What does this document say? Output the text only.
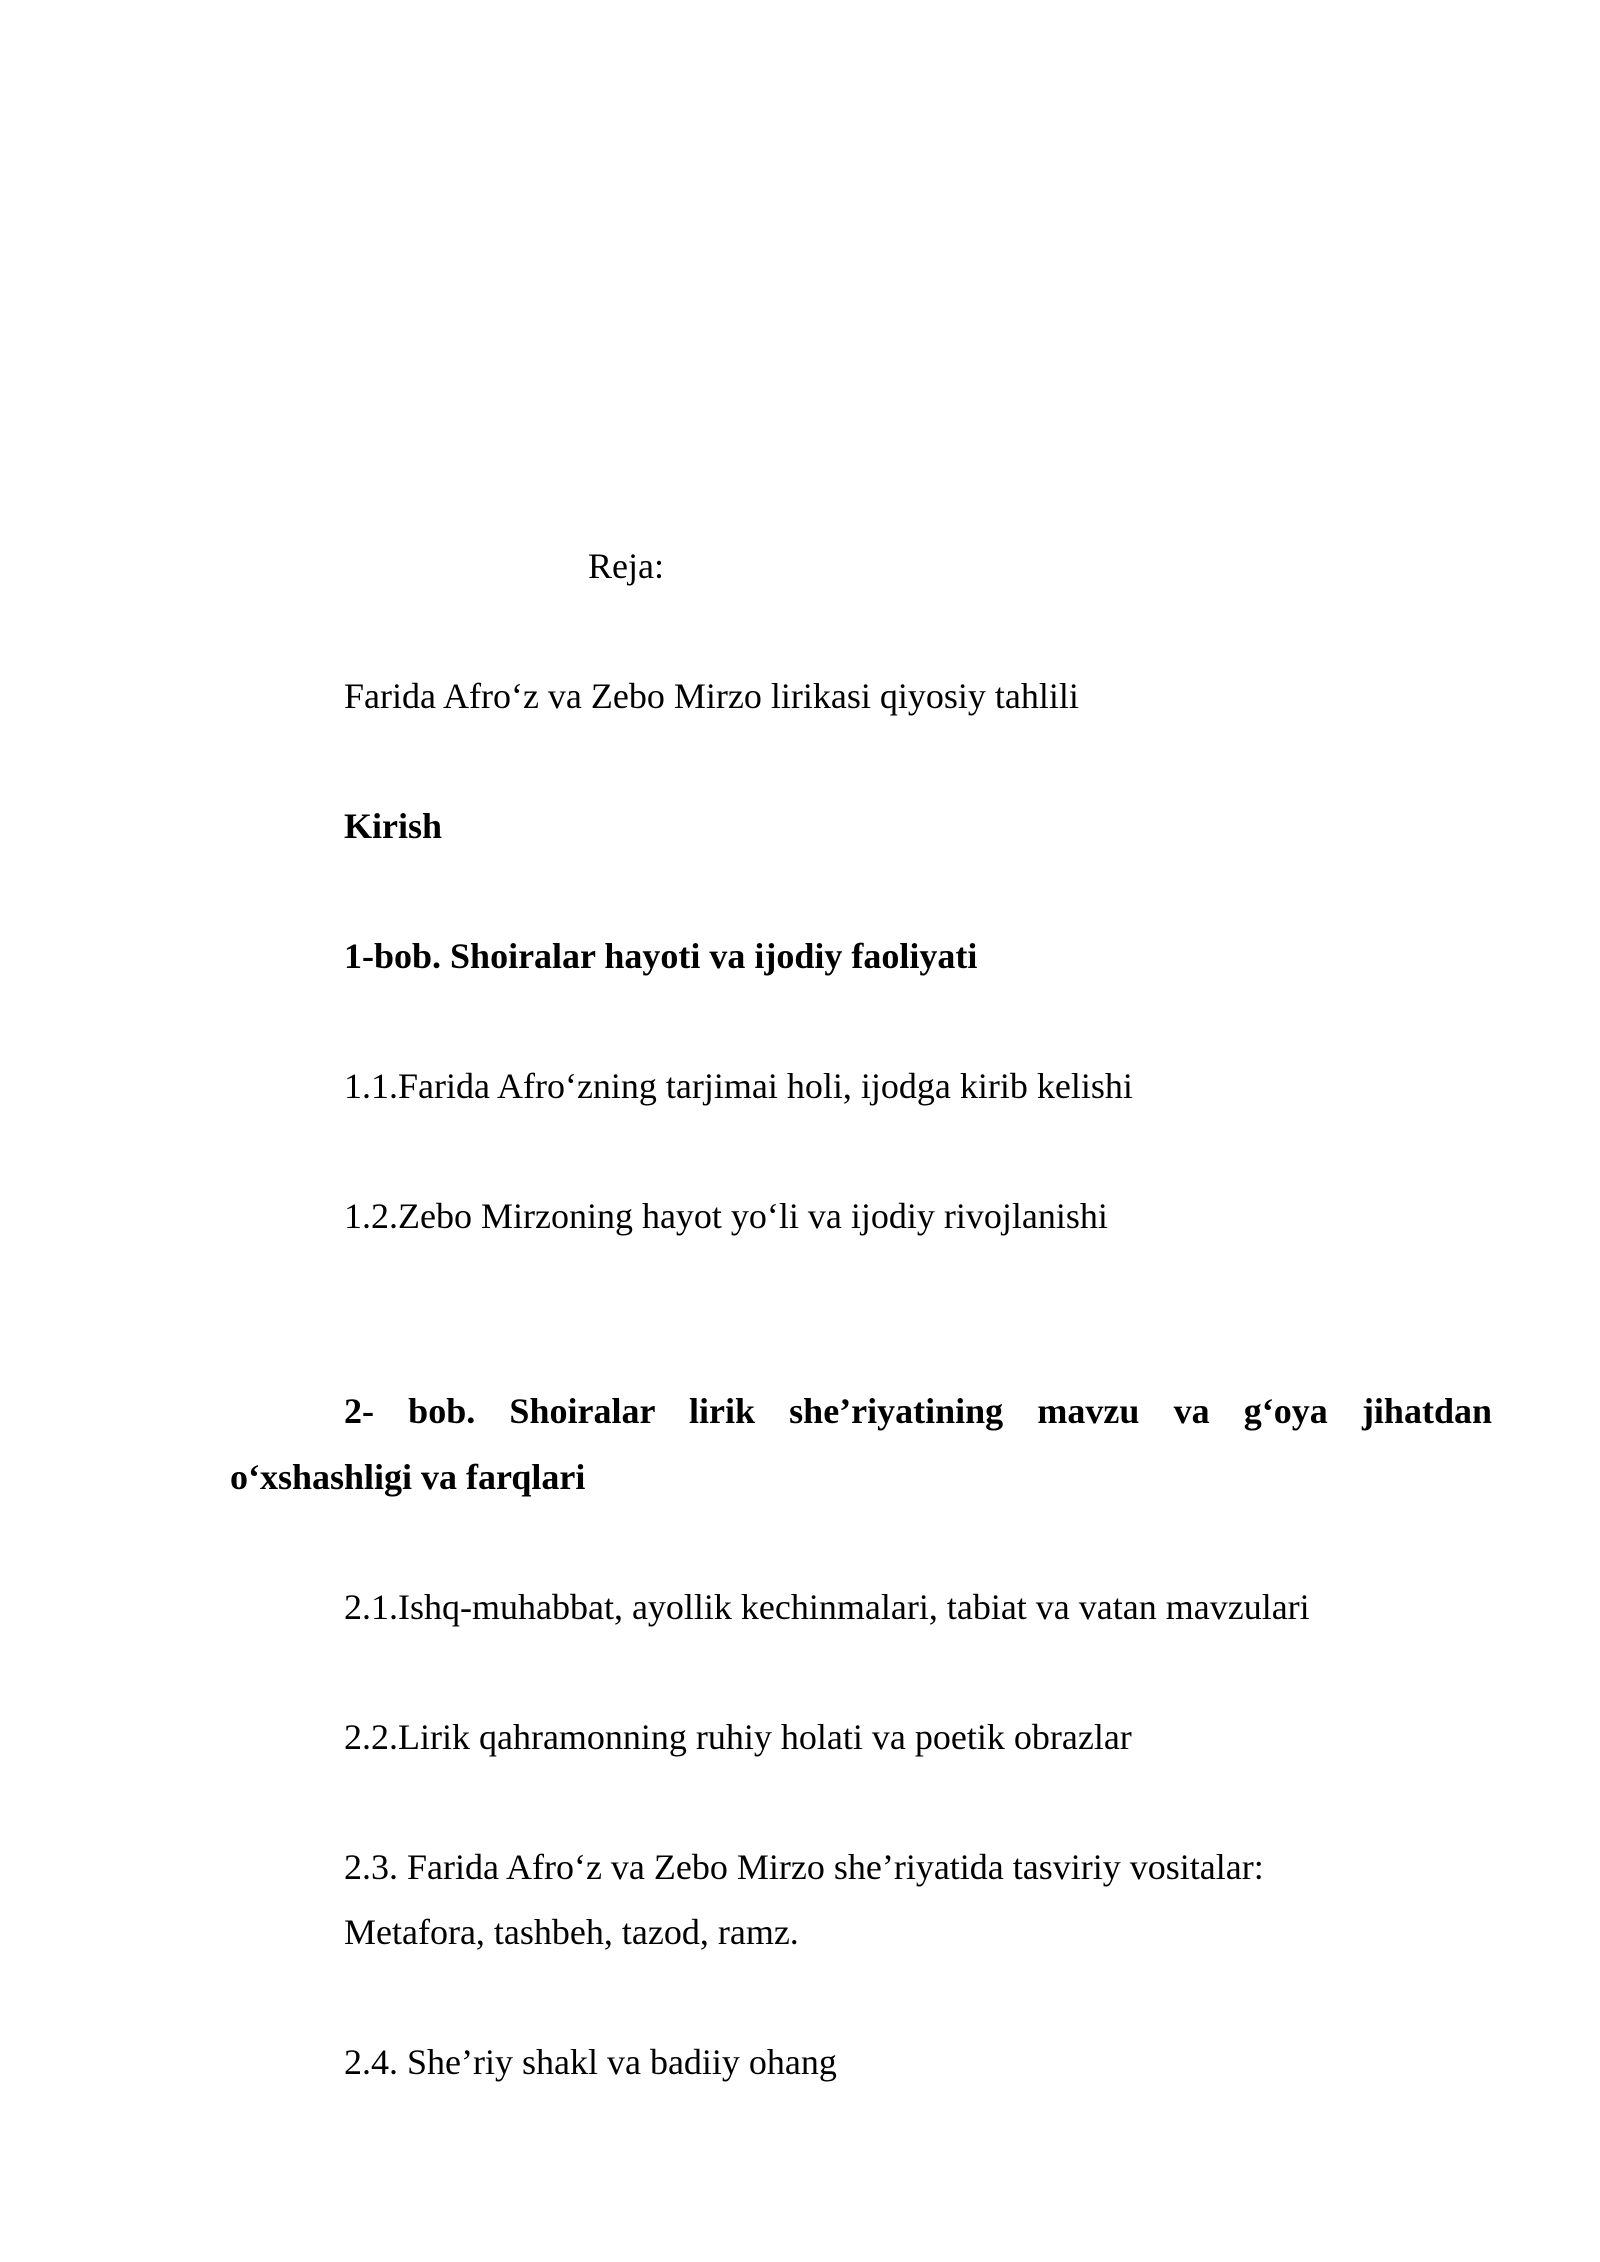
Reja:

Farida Afro‘z va Zebo Mirzo lirikasi qiyosiy tahlili

Kirish

1-bob. Shoiralar hayoti va ijodiy faoliyati

1.1.Farida Afro‘zning tarjimai holi, ijodga kirib kelishi

1.2.Zebo Mirzoning hayot yo‘li va ijodiy rivojlanishi

2- bob. Shoiralar lirik she’riyatining mavzu va g‘oya jihatdan

o‘xshashligi va farqlari

2.1.Ishq-muhabbat, ayollik kechinmalari, tabiat va vatan mavzulari

2.2.Lirik qahramonning ruhiy holati va poetik obrazlar

2.3. Farida Afro‘z va Zebo Mirzo she’riyatida tasviriy vositalar:

Metafora, tashbeh, tazod, ramz.

2.4. She’riy shakl va badiiy ohang
